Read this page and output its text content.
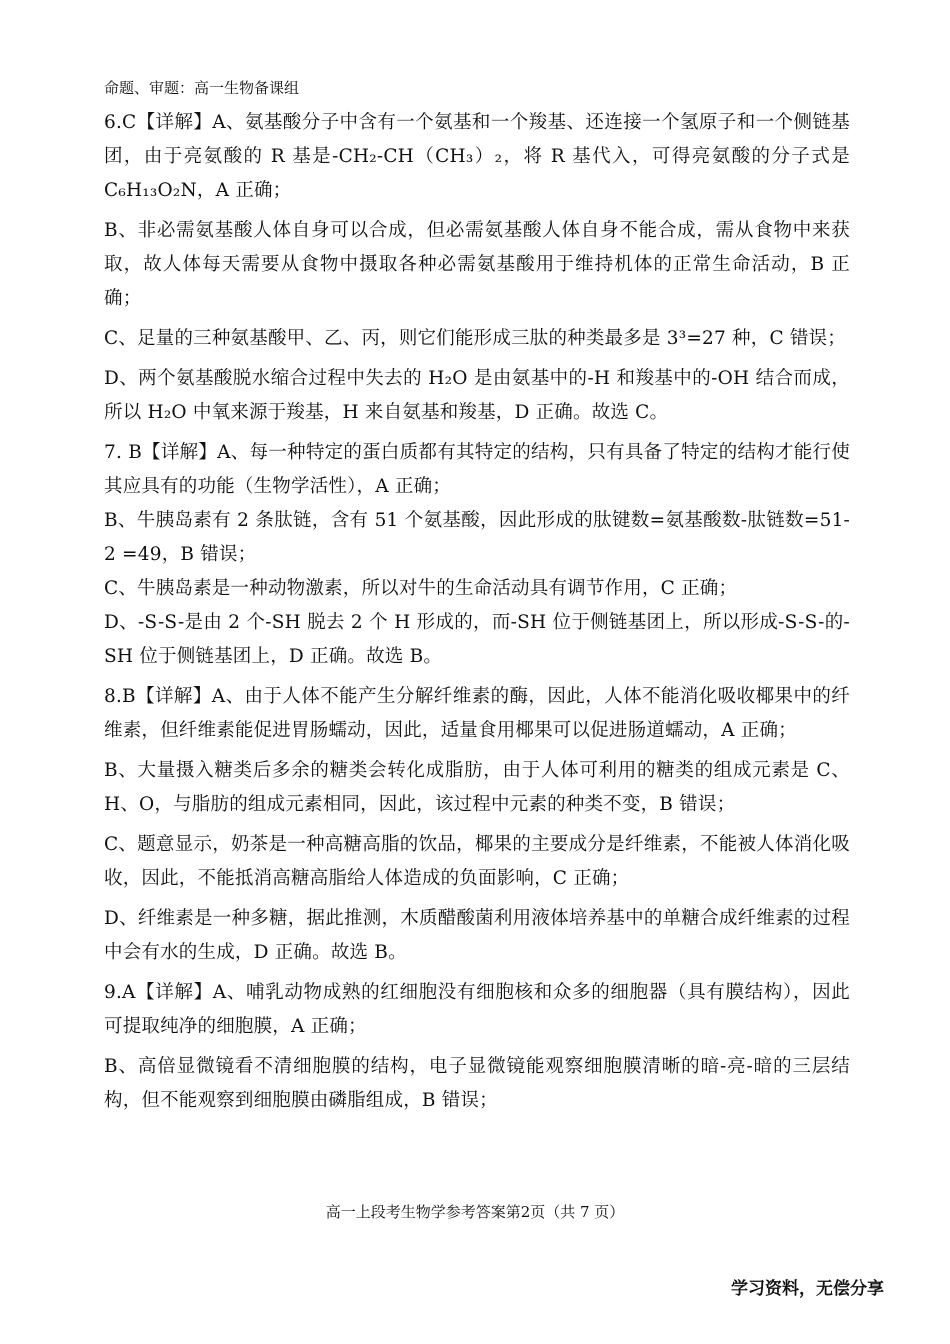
命题、审题：高一生物备课组

6.C【详解】A、氨基酸分子中含有一个氨基和一个羧基、还连接一个氢原子和一个侧链基团，由于亮氨酸的 R 基是-CH₂-CH（CH₃）₂，将 R 基代入，可得亮氨酸的分子式是 C₆H₁₃O₂N，A 正确；

B、非必需氨基酸人体自身可以合成，但必需氨基酸人体自身不能合成，需从食物中来获取，故人体每天需要从食物中摄取各种必需氨基酸用于维持机体的正常生命活动，B 正确；

C、足量的三种氨基酸甲、乙、丙，则它们能形成三肽的种类最多是 3³=27 种，C 错误；

D、两个氨基酸脱水缩合过程中失去的 H₂O 是由氨基中的-H 和羧基中的-OH 结合而成，所以 H₂O 中氧来源于羧基，H 来自氨基和羧基，D 正确。故选 C。

7. B【详解】A、每一种特定的蛋白质都有其特定的结构，只有具备了特定的结构才能行使其应具有的功能（生物学活性），A 正确；

B、牛胰岛素有 2 条肽链，含有 51 个氨基酸，因此形成的肽键数=氨基酸数-肽链数=51-2 =49，B 错误；

C、牛胰岛素是一种动物激素，所以对牛的生命活动具有调节作用，C 正确；

D、-S-S-是由 2 个-SH 脱去 2 个 H 形成的，而-SH 位于侧链基团上，所以形成-S-S-的-SH 位于侧链基团上，D 正确。故选 B。

8.B【详解】A、由于人体不能产生分解纤维素的酶，因此，人体不能消化吸收椰果中的纤维素，但纤维素能促进胃肠蠕动，因此，适量食用椰果可以促进肠道蠕动，A 正确；

B、大量摄入糖类后多余的糖类会转化成脂肪，由于人体可利用的糖类的组成元素是 C、H、O，与脂肪的组成元素相同，因此，该过程中元素的种类不变，B 错误；

C、题意显示，奶茶是一种高糖高脂的饮品，椰果的主要成分是纤维素，不能被人体消化吸收，因此，不能抵消高糖高脂给人体造成的负面影响，C 正确；

D、纤维素是一种多糖，据此推测，木质醋酸菌利用液体培养基中的单糖合成纤维素的过程中会有水的生成，D 正确。故选 B。

9.A【详解】A、哺乳动物成熟的红细胞没有细胞核和众多的细胞器（具有膜结构），因此可提取纯净的细胞膜，A 正确；

B、高倍显微镜看不清细胞膜的结构，电子显微镜能观察细胞膜清晰的暗-亮-暗的三层结构，但不能观察到细胞膜由磷脂组成，B 错误；

高一上段考生物学参考答案第2页（共 7 页）
学习资料，无偿分享
